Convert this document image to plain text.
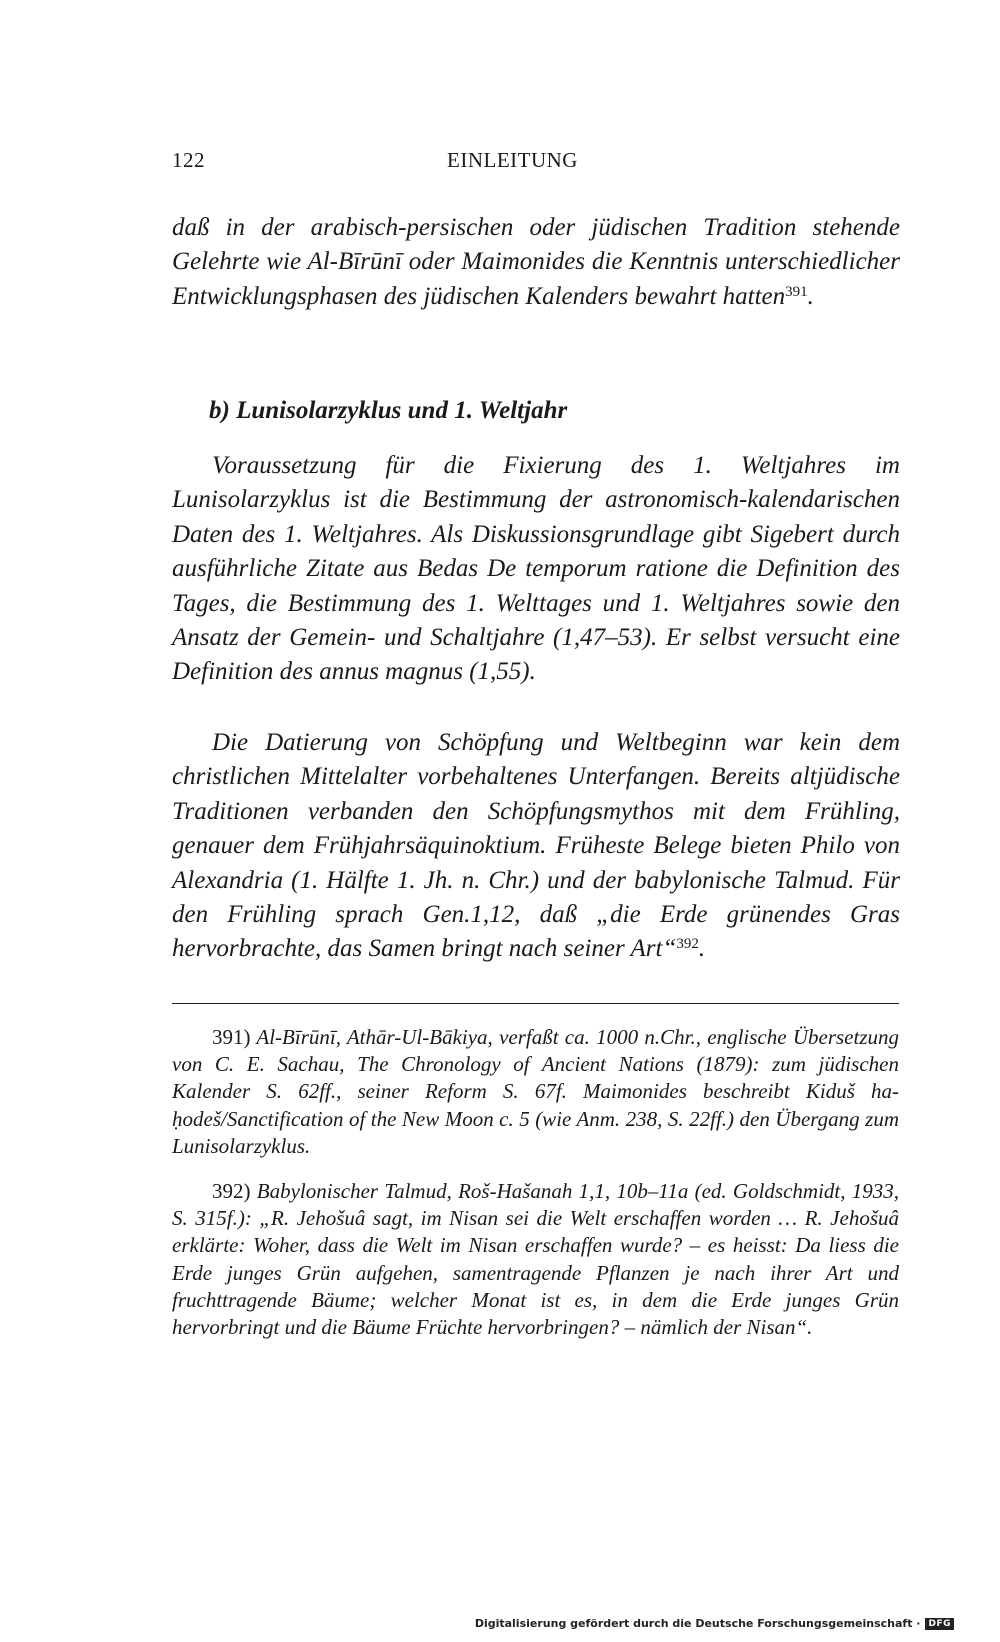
122	EINLEITUNG

daß in der arabisch-persischen oder jüdischen Tradition stehende Gelehrte wie Al-Bīrūnī oder Maimonides die Kenntnis unterschiedlicher Entwicklungsphasen des jüdischen Kalenders bewahrt hatten$^{391}$.

b) Lunisolarzyklus und 1. Weltjahr

Voraussetzung für die Fixierung des 1. Weltjahres im Lunisolarzyklus ist die Bestimmung der astronomisch-kalendarischen Daten des 1. Weltjahres. Als Diskussionsgrundlage gibt Sigebert durch ausführliche Zitate aus Bedas De temporum ratione die Definition des Tages, die Bestimmung des 1. Welttages und 1. Weltjahres sowie den Ansatz der Gemein- und Schaltjahre (1,47–53). Er selbst versucht eine Definition des annus magnus (1,55).

Die Datierung von Schöpfung und Weltbeginn war kein dem christlichen Mittelalter vorbehaltenes Unterfangen. Bereits altjüdische Traditionen verbanden den Schöpfungsmythos mit dem Frühling, genauer dem Frühjahrsäquinoktium. Früheste Belege bieten Philo von Alexandria (1. Hälfte 1. Jh. n. Chr.) und der babylonische Talmud. Für den Frühling sprach Gen.1,12, daß „die Erde grünendes Gras hervorbrachte, das Samen bringt nach seiner Art“$^{392}$.

391) Al-Bīrūnī, Athār-Ul-Bākiya, verfaßt ca. 1000 n.Chr., englische Übersetzung von C. E. Sachau, The Chronology of Ancient Nations (1879): zum jüdischen Kalender S. 62ff., seiner Reform S. 67f. Maimonides beschreibt Kiduš ha-ḥodeš/Sanctification of the New Moon c. 5 (wie Anm. 238, S. 22ff.) den Übergang zum Lunisolarzyklus.

392) Babylonischer Talmud, Roš-Hašanah 1,1, 10b–11a (ed. Goldschmidt, 1933, S. 315f.): „R. Jehošuâ sagt, im Nisan sei die Welt erschaffen worden … R. Jehošuâ erklärte: Woher, dass die Welt im Nisan erschaffen wurde? – es heisst: Da liess die Erde junges Grün aufgehen, samentragende Pflanzen je nach ihrer Art und fruchttragende Bäume; welcher Monat ist es, in dem die Erde junges Grün hervorbringt und die Bäume Früchte hervorbringen? – nämlich der Nisan“.

Digitalisierung gefördert durch die Deutsche Forschungsgemeinschaft · DFG
